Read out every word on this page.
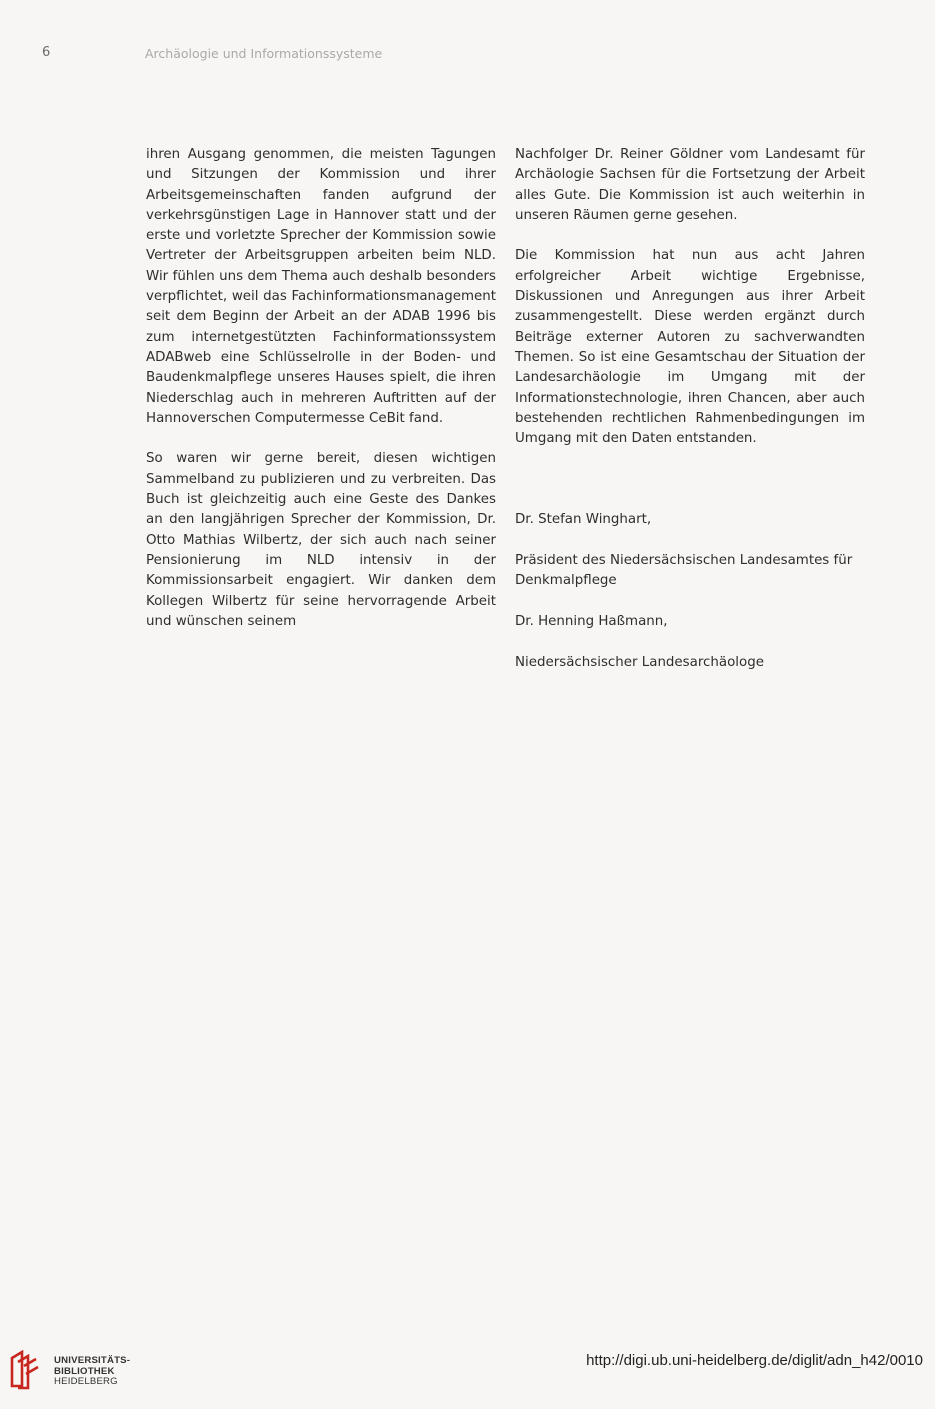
6	Archäologie und Informationssysteme

ihren Ausgang genommen, die meisten Tagungen und Sitzungen der Kommission und ihrer Arbeitsgemeinschaften fanden aufgrund der verkehrsgünstigen Lage in Hannover statt und der erste und vorletzte Sprecher der Kommission sowie Vertreter der Arbeitsgruppen arbeiten beim NLD. Wir fühlen uns dem Thema auch deshalb besonders verpflichtet, weil das Fachinformationsmanagement seit dem Beginn der Arbeit an der ADAB 1996 bis zum internetgestützten Fachinformationssystem ADABweb eine Schlüsselrolle in der Boden- und Baudenkmalpflege unseres Hauses spielt, die ihren Niederschlag auch in mehreren Auftritten auf der Hannoverschen Computermesse CeBit fand.

So waren wir gerne bereit, diesen wichtigen Sammelband zu publizieren und zu verbreiten. Das Buch ist gleichzeitig auch eine Geste des Dankes an den langjährigen Sprecher der Kommission, Dr. Otto Mathias Wilbertz, der sich auch nach seiner Pensionierung im NLD intensiv in der Kommissionsarbeit engagiert. Wir danken dem Kollegen Wilbertz für seine hervorragende Arbeit und wünschen seinem

Nachfolger Dr. Reiner Göldner vom Landesamt für Archäologie Sachsen für die Fortsetzung der Arbeit alles Gute. Die Kommission ist auch weiterhin in unseren Räumen gerne gesehen.

Die Kommission hat nun aus acht Jahren erfolgreicher Arbeit wichtige Ergebnisse, Diskussionen und Anregungen aus ihrer Arbeit zusammengestellt. Diese werden ergänzt durch Beiträge externer Autoren zu sachverwandten Themen. So ist eine Gesamtschau der Situation der Landesarchäologie im Umgang mit der Informationstechnologie, ihren Chancen, aber auch bestehenden rechtlichen Rahmenbedingungen im Umgang mit den Daten entstanden.

Dr. Stefan Winghart,

Präsident des Niedersächsischen Landesamtes für Denkmalpflege

Dr. Henning Haßmann,

Niedersächsischer Landesarchäologe

UNIVERSITÄTS-
BIBLIOTHEK
HEIDELBERG
http://digi.ub.uni-heidelberg.de/diglit/adn_h42/0010
